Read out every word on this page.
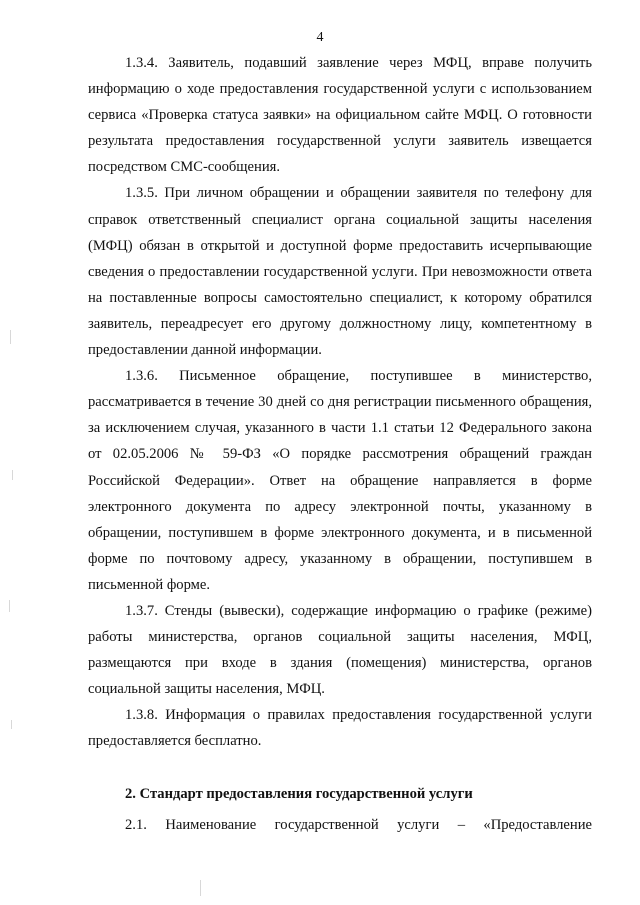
4

1.3.4. Заявитель, подавший заявление через МФЦ, вправе получить информацию о ходе предоставления государственной услуги с использованием сервиса «Проверка статуса заявки» на официальном сайте МФЦ. О готовности результата предоставления государственной услуги заявитель извещается посредством СМС-сообщения.

1.3.5. При личном обращении и обращении заявителя по телефону для справок ответственный специалист органа социальной защиты населения (МФЦ) обязан в открытой и доступной форме предоставить исчерпывающие сведения о предоставлении государственной услуги. При невозможности ответа на поставленные вопросы самостоятельно специалист, к которому обратился заявитель, переадресует его другому должностному лицу, компетентному в предоставлении данной информации.

1.3.6. Письменное обращение, поступившее в министерство, рассматривается в течение 30 дней со дня регистрации письменного обращения, за исключением случая, указанного в части 1.1 статьи 12 Федерального закона от 02.05.2006 № 59-ФЗ «О порядке рассмотрения обращений граждан Российской Федерации». Ответ на обращение направляется в форме электронного документа по адресу электронной почты, указанному в обращении, поступившем в форме электронного документа, и в письменной форме по почтовому адресу, указанному в обращении, поступившем в письменной форме.

1.3.7. Стенды (вывески), содержащие информацию о графике (режиме) работы министерства, органов социальной защиты населения, МФЦ, размещаются при входе в здания (помещения) министерства, органов социальной защиты населения, МФЦ.

1.3.8. Информация о правилах предоставления государственной услуги предоставляется бесплатно.

2. Стандарт предоставления государственной услуги

2.1. Наименование государственной услуги – «Предоставление
